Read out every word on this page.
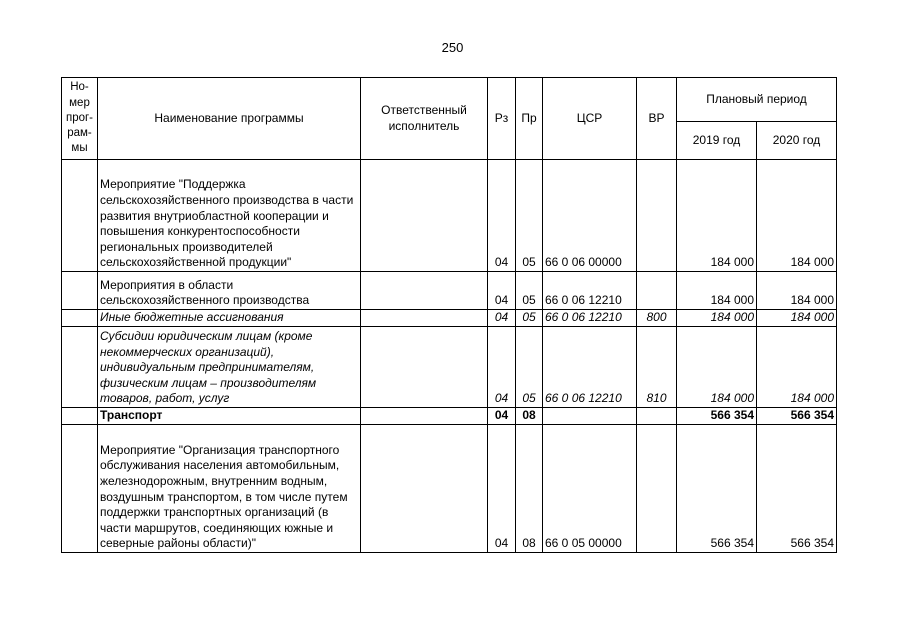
250
Но-мер прог-рам-мы	Наименование программы	Ответственный исполнитель	Рз	Пр	ЦСР	ВР	Плановый период	
							2019 год	2020 год
	Мероприятие "Поддержка сельскохозяйственного производства в части развития внутриобластной кооперации и повышения конкурентоспособности региональных производителей сельскохозяйственной продукции"		04	05	66 0 06 00000		184 000	184 000
	Мероприятия в области сельскохозяйственного производства		04	05	66 0 06 12210		184 000	184 000
	Иные бюджетные ассигнования		04	05	66 0 06 12210	800	184 000	184 000
	Субсидии юридическим лицам (кроме некоммерческих организаций), индивидуальным предпринимателям, физическим лицам – производителям товаров, работ, услуг		04	05	66 0 06 12210	810	184 000	184 000
	Транспорт		04	08			566 354	566 354
	Мероприятие "Организация транспортного обслуживания населения автомобильным, железнодорожным, внутренним водным, воздушным транспортом, в том числе путем поддержки транспортных организаций (в части маршрутов, соединяющих южные и северные районы области)"		04	08	66 0 05 00000		566 354	566 354
